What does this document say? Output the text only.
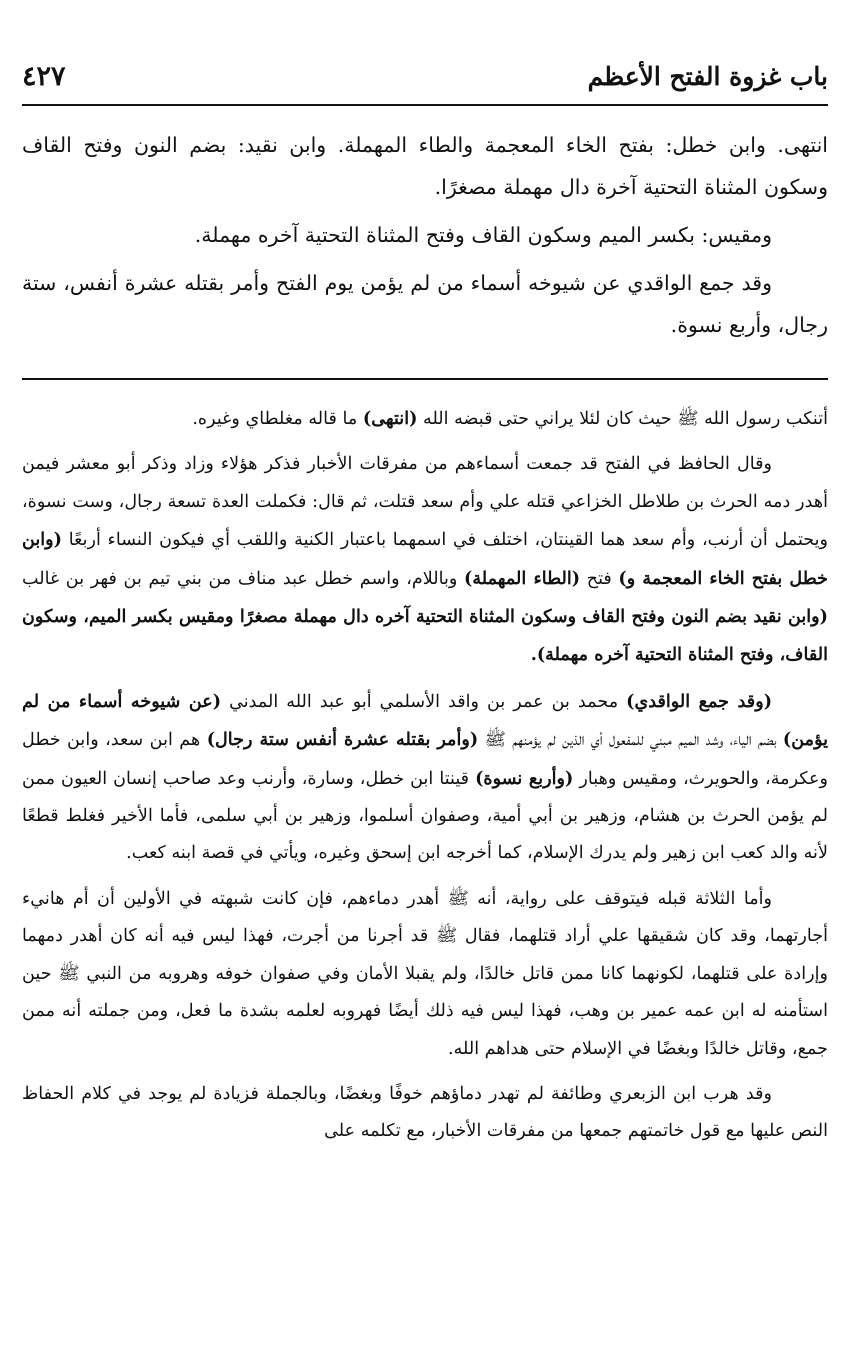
٤٢٧	باب غزوة الفتح الأعظم

انتهى. وابن خطل: بفتح الخاء المعجمة والطاء المهملة. وابن نقيد: بضم النون وفتح القاف وسكون المثناة التحتية آخرة دال مهملة مصغرًا.

ومقيس: بكسر الميم وسكون القاف وفتح المثناة التحتية آخره مهملة.

وقد جمع الواقدي عن شيوخه أسماء من لم يؤمن يوم الفتح وأمر بقتله عشرة أنفس، ستة رجال، وأربع نسوة.

أتنكب رسول الله ﷺ حيث كان لئلا يراني حتى قبضه الله (انتهى) ما قاله مغلطاي وغيره.

وقال الحافظ في الفتح قد جمعت أسماءهم من مفرقات الأخبار فذكر هؤلاء وزاد وذكر أبو معشر فيمن أهدر دمه الحرث بن طلاطل الخزاعي قتله علي وأم سعد قتلت، ثم قال: فكملت العدة تسعة رجال، وست نسوة، ويحتمل أن أرنب، وأم سعد هما القينتان، اختلف في اسمهما باعتبار الكنية واللقب أي فيكون النساء أربعًا (وابن خطل بفتح الخاء المعجمة و) فتح (الطاء المهملة) وباللام، واسم خطل عبد مناف من بني تيم بن فهر بن غالب (وابن نقيد بضم النون وفتح القاف وسكون المثناة التحتية آخره دال مهملة مصغرًا ومقيس بكسر الميم، وسكون القاف، وفتح المثناة التحتية آخره مهملة).

(وقد جمع الواقدي) محمد بن عمر بن واقد الأسلمي أبو عبد الله المدني (عن شيوخه أسماء من لم يؤمن) بضم الياء، وشد الميم مبني للمفعول أي الذين لم يؤمنهم ﷺ (وأمر بقتله عشرة أنفس ستة رجال) هم ابن سعد، وابن خطل وعكرمة، والحويرث، ومقيس وهبار (وأربع نسوة) قينتا ابن خطل، وسارة، وأرنب وعد صاحب إنسان العيون ممن لم يؤمن الحرث بن هشام، وزهير بن أبي أمية، وصفوان أسلموا، وزهير بن أبي سلمى، فأما الأخير فغلط قطعًا لأنه والد كعب ابن زهير ولم يدرك الإسلام، كما أخرجه ابن إسحق وغيره، ويأتي في قصة ابنه كعب.

وأما الثلاثة قبله فيتوقف على رواية، أنه ﷺ أهدر دماءهم، فإن كانت شبهته في الأولين أن أم هانيء أجارتهما، وقد كان شقيقها علي أراد قتلهما، فقال ﷺ قد أجرنا من أجرت، فهذا ليس فيه أنه كان أهدر دمهما وإرادة على قتلهما، لكونهما كانا ممن قاتل خالدًا، ولم يقبلا الأمان وفي صفوان خوفه وهروبه من النبي ﷺ حين استأمنه له ابن عمه عمير بن وهب، فهذا ليس فيه ذلك أيضًا فهروبه لعلمه بشدة ما فعل، ومن جملته أنه ممن جمع، وقاتل خالدًا وبغضًا في الإسلام حتى هداهم الله.

وقد هرب ابن الزبعري وطائفة لم تهدر دماؤهم خوفًا وبغضًا، وبالجملة فزيادة لم يوجد في كلام الحفاظ النص عليها مع قول خاتمتهم جمعها من مفرقات الأخبار، مع تكلمه على
